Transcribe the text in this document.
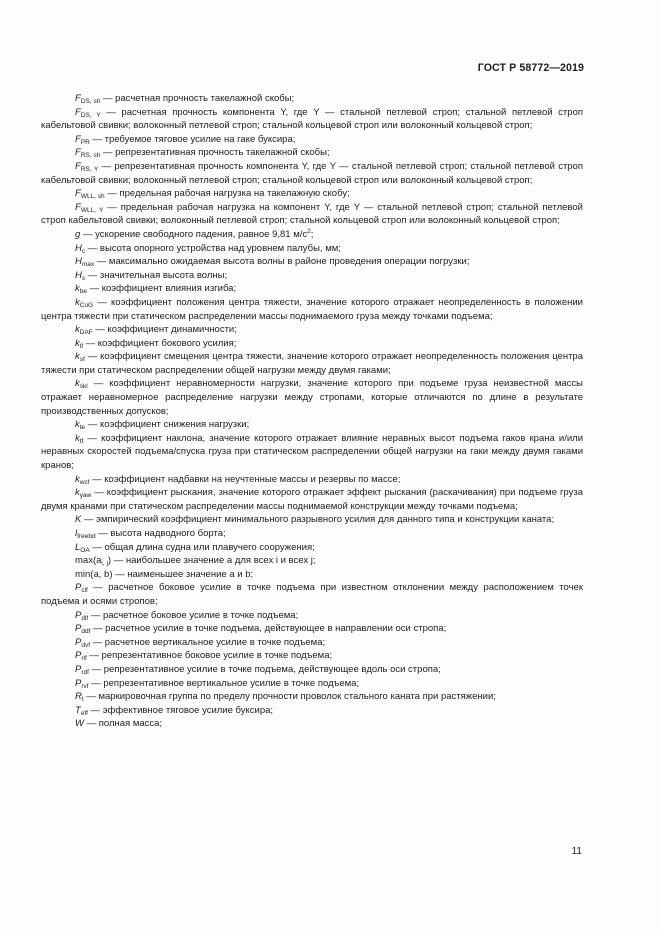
ГОСТ Р 58772—2019

$F_{DS, sh}$ — расчетная прочность такелажной скобы;

$F_{DS, Y}$ — расчетная прочность компонента Y, где Y — стальной петлевой строп; стальной петлевой строп кабельтовой свивки; волоконный петлевой строп; стальной кольцевой строп или волоконный кольцевой строп;

$F_{PR}$ — требуемое тяговое усилие на гаке буксира;

$F_{RS, sh}$ — репрезентативная прочность такелажной скобы;

$F_{RS, Y}$ — репрезентативная прочность компонента Y, где Y — стальной петлевой строп; стальной петлевой строп кабельтовой свивки; волоконный петлевой строп; стальной кольцевой строп или волоконный кольцевой строп;

$F_{WLL, sh}$ — предельная рабочая нагрузка на такелажную скобу;

$F_{WLL, Y}$ — предельная рабочая нагрузка на компонент Y, где Y — стальной петлевой строп; стальной петлевой строп кабельтовой свивки; волоконный петлевой строп; стальной кольцевой строп или волоконный кольцевой строп;

g — ускорение свободного падения, равное 9,81 $м/с^2$;

$H_c$ — высота опорного устройства над уровнем палубы, мм;

$H_{max}$ — максимально ожидаемая высота волны в районе проведения операции погрузки;

$H_s$ — значительная высота волны;

$k_{be}$ — коэффициент влияния изгиба;

$k_{CoG}$ — коэффициент положения центра тяжести, значение которого отражает неопределенность в положении центра тяжести при статическом распределении массы поднимаемого груза между точками подъема;

$k_{DAF}$ — коэффициент динамичности;

$k_{lf}$ — коэффициент бокового усилия;

$k_{sf}$ — коэффициент смещения центра тяжести, значение которого отражает неопределенность положения центра тяжести при статическом распределении общей нагрузки между двумя гаками;

$k_{skl}$ — коэффициент неравномерности нагрузки, значение которого при подъеме груза неизвестной массы отражает неравномерное распределение нагрузки между стропами, которые отличаются по длине в результате производственных допусков;

$k_{te}$ — коэффициент снижения нагрузки;

$k_{tf}$ — коэффициент наклона, значение которого отражает влияние неравных высот подъема гаков крана и/или неравных скоростей подъема/спуска груза при статическом распределении общей нагрузки на гаки между двумя гаками кранов;

$k_{wcf}$ — коэффициент надбавки на неучтенные массы и резервы по массе;

$k_{yaw}$ — коэффициент рыскания, значение которого отражает эффект рыскания (раскачивания) при подъеме груза двумя кранами при статическом распределении массы поднимаемой конструкции между точками подъема;

K — эмпирический коэффициент минимального разрывного усилия для данного типа и конструкции каната;

$l_{freebd}$ — высота надводного борта;

$L_{OA}$ — общая длина судна или плавучего сооружения;

$\max(a_{i, j})$ — наибольшее значение a для всех i и всех j;

min(a, b) — наименьшее значение a и b;

$P_{clf}$ — расчетное боковое усилие в точке подъема при известном отклонении между расположением точек подъема и осями стропов;

$P_{dlf}$ — расчетное боковое усилие в точке подъема;

$P_{ddf}$ — расчетное усилие в точке подъема, действующее в направлении оси стропа;

$P_{dvf}$ — расчетное вертикальное усилие в точке подъема;

$P_{rlf}$ — репрезентативное боковое усилие в точке подъема;

$P_{rdf}$ — репрезентативное усилие в точке подъема, действующее вдоль оси стропа;

$P_{rvf}$ — репрезентативное вертикальное усилие в точке подъема;

$R_t$ — маркировочная группа по пределу прочности проволок стального каната при растяжении;

$T_{eff}$ — эффективное тяговое усилие буксира;

W — полная масса;

11
